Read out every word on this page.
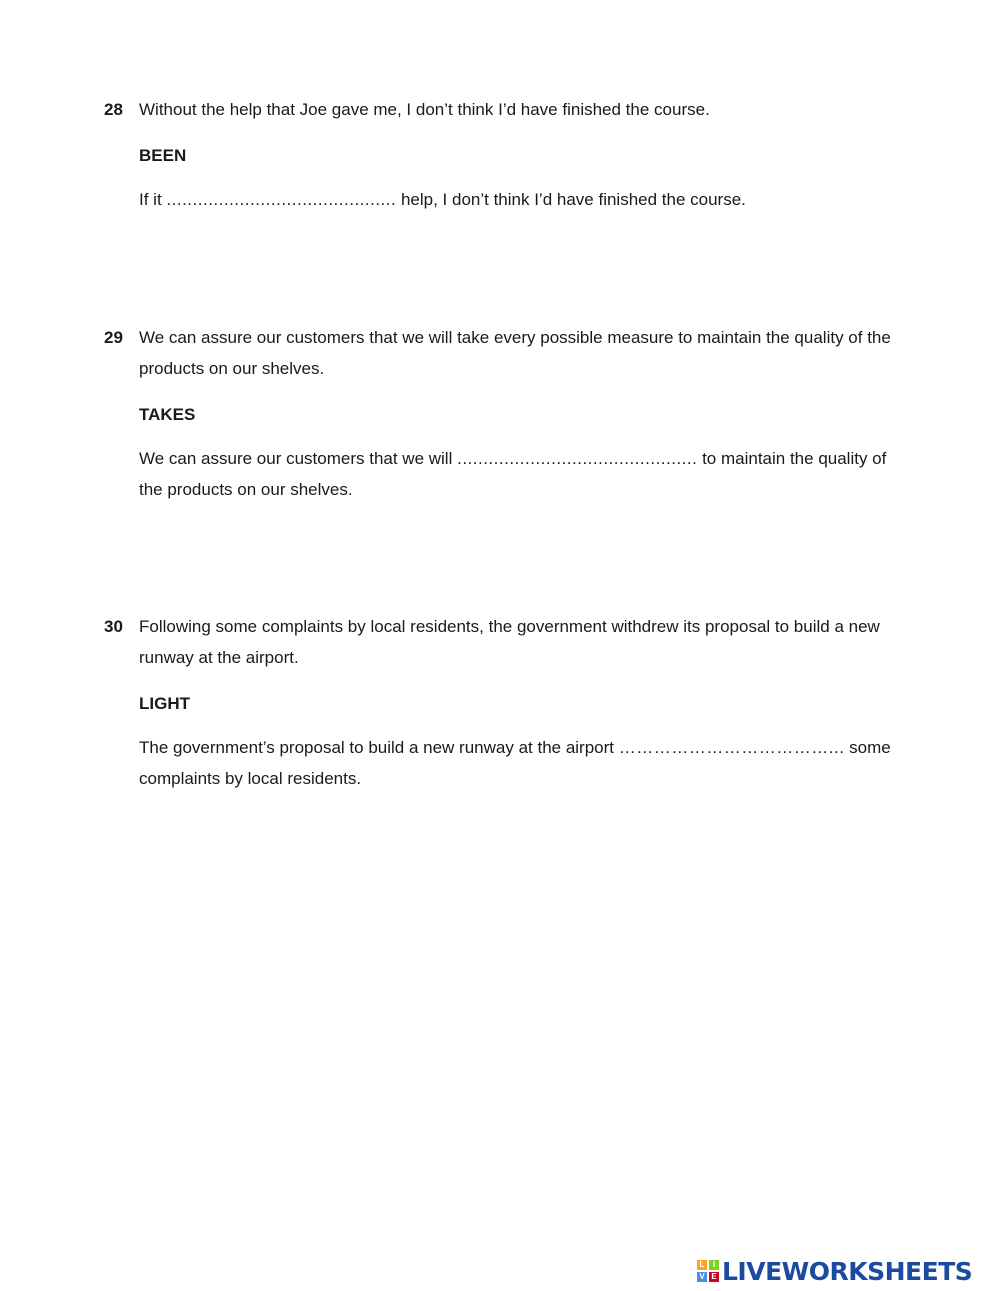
28 Without the help that Joe gave me, I don’t think I’d have finished the course.
BEEN
If it ............................................ help, I don’t think I’d have finished the course.
29 We can assure our customers that we will take every possible measure to maintain the quality of the products on our shelves.
TAKES
We can assure our customers that we will .............................................. to maintain the quality of the products on our shelves.
30 Following some complaints by local residents, the government withdrew its proposal to build a new runway at the airport.
LIGHT
The government’s proposal to build a new runway at the airport ………………………………... some complaints by local residents.
L	I
V E LIVEWORKSHEETS
